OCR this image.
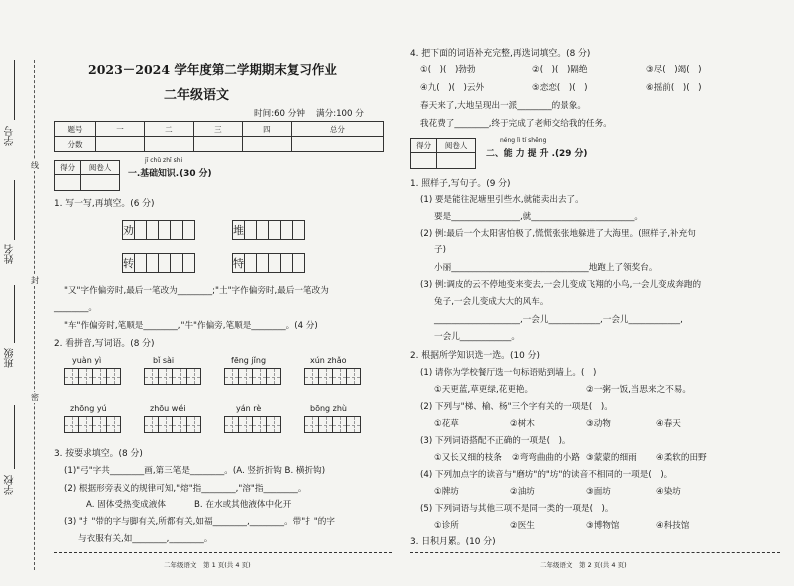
学号
姓名
班级
学校
线
封
密
2023－2024 学年度第二学期期末复习作业
二年级语文
时间:60 分钟 满分:100 分
题号	一	二	三	四	总分
分数					
得分	阅卷人

jī chǔ zhī shi
一.基础知识.(30 分)
1. 写一写,再填空。(6 分)
劝	堆
转	特
"又"字作偏旁时,最后一笔改为________;"土"字作偏旁时,最后一笔改为
________。
"车"作偏旁时,笔顺是________,"牛"作偏旁,笔顺是________。(4 分)
2. 看拼音,写词语。(8 分)
yuàn yì	bǐ sài	fēng jǐng	xún zhǎo
zhōng yú	zhōu wéi	yán rè	bōng zhù
3. 按要求填空。(8 分)
(1)"弓"字共________画,第三笔是________。(A. 竖折折钩 B. 横折钩)
(2) 根据形旁表义的规律可知,"熔"指________,"溶"指________。
A. 固体受热变成液体	B. 在水或其他液体中化开
(3) "扌"带的字与脚有关,所都有关,如福________,________。带"扌"的字
与衣服有关,如________,________。
二年级语文　第 1 页(共 4 页)
4. 把下面的词语补充完整,再选词填空。(8 分)
①(　)(　)勃勃	②(　)(　)隔绝	③尽(　)竭(　)
④九(　)(　)云外	⑤恋恋(　)(　)	⑥摇前(　)(　)
春天来了,大地呈现出一派________的景象。
我花费了________,终于完成了老师交给我的任务。
得分	阅卷人

néng lì tí shēng
二、能 力 提 升 .(29 分)
1. 照样子,写句子。(9 分)
(1) 要是能往泥塘里引些水,就能卖出去了。
要是________________,就________________________。
(2) 例:最后一个太阳害怕极了,慌慌张张地躲进了大海里。(照样子,补充句
子)
小丽________________________________地跑上了领奖台。
(3) 例:调皮的云不停地变来变去,一会儿变成飞翔的小鸟,一会儿变成奔跑的
兔子,一会儿变成大大的风车。
____________________,一会儿____________,一会儿____________,
一会儿____________。
2. 根据所学知识选一选。(10 分)
(1) 请你为学校餐厅选一句标语贴到墙上。(　)
①天更蓝,草更绿,花更艳。	②一粥一饭,当思来之不易。
(2) 下列与"梯、榆、杨"三个字有关的一项是(　)。
①花草	②树木	③动物	④春天
(3) 下列词语搭配不正确的一项是(　)。
①又长又细的枝条 ②弯弯曲曲的小路 ③蒙蒙的细雨 ④柔软的田野
(4) 下列加点字的读音与"磨坊"的"坊"的读音不相同的一项是(　)。
①牌坊	②油坊	③面坊	④染坊
(5) 下列词语与其他三项不是同一类的一项是(　)。
①诊所	②医生	③博物馆	④科技馆
3. 日积月累。(10 分)
二年级语文　第 2 页(共 4 页)
